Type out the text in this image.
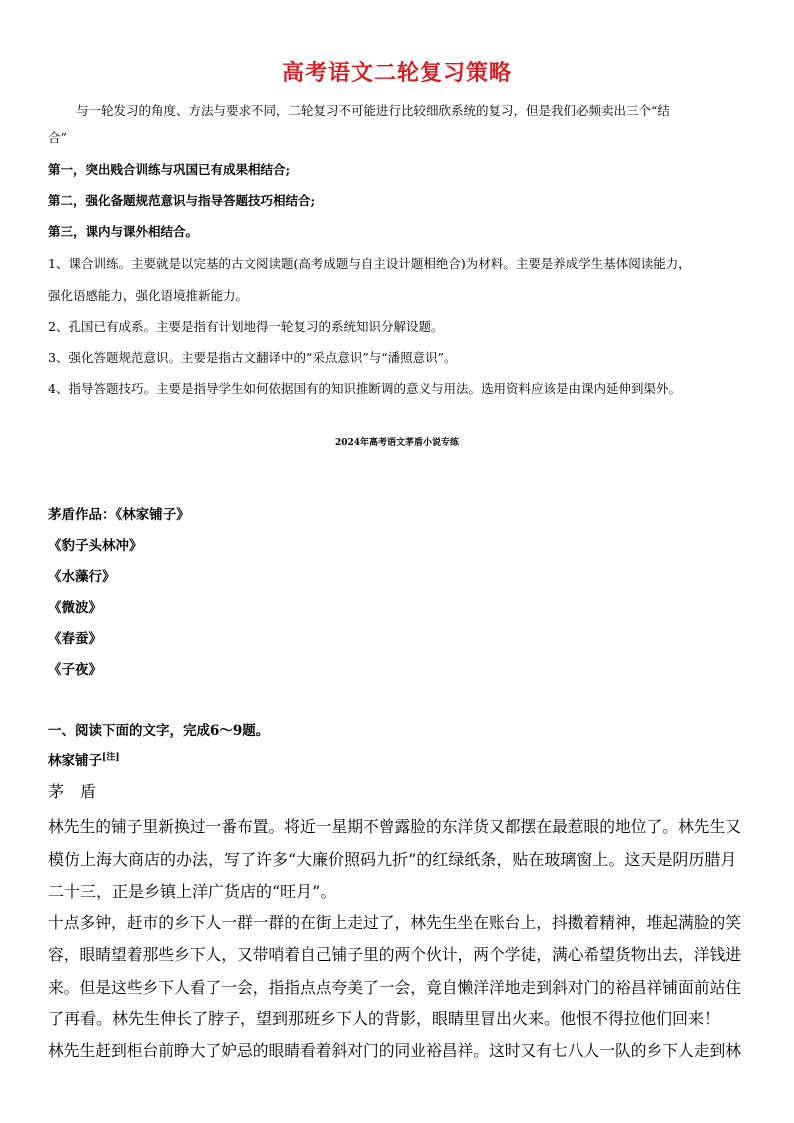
高考语文二轮复习策略
与一轮发习的角度、方法与要求不同，二轮复习不可能进行比较细欣系统的复习，但是我们必频卖出三个“结
合”
第一，突出贱合训练与巩国已有成果相结合;
第二，强化备题规范意识与指导答题技巧相结合;
第三，课内与课外相结合。
1、课合训练。主要就是以完基的古文阅读题(高考成题与自主设计题相绝合)为材料。主要是养成学生基体阅读能力，
强化语感能力，强化语境推新能力。
2、孔国已有成系。主要是指有计划地得一轮复习的系统知识分解设题。
3、强化答题规范意识。主要是指古文翻译中的“采点意识”与“潘照意识”。
4、指导答题技巧。主要是指导学生如何依据国有的知识推断调的意义与用法。选用资料应该是由课内延伸到渠外。
2024年高考语文茅盾小说专练
茅盾作品：《林家铺子》
《豹子头林冲》
《水藻行》
《微波》
《春蚕》
《子夜》
一、阅读下面的文字，完成6～9题。
林家铺子[注]
茅　盾
林先生的铺子里新换过一番布置。将近一星期不曾露脸的东洋货又都摆在最惹眼的地位了。林先生又
模仿上海大商店的办法，写了许多“大廉价照码九折”的红绿纸条，贴在玻璃窗上。这天是阴历腊月
二十三，正是乡镇上洋广货店的“旺月”。
十点多钟，赶市的乡下人一群一群的在街上走过了，林先生坐在账台上，抖擞着精神，堆起满脸的笑
容，眼睛望着那些乡下人，又带哨着自己铺子里的两个伙计，两个学徒，满心希望货物出去，洋钱进
来。但是这些乡下人看了一会，指指点点夸美了一会，竟自懒洋洋地走到斜对门的裕昌祥铺面前站住
了再看。林先生伸长了脖子，望到那班乡下人的背影，眼睛里冒出火来。他恨不得拉他们回来！
林先生赶到柜台前睁大了妒忌的眼睛看着斜对门的同业裕昌祥。这时又有七八人一队的乡下人走到林
